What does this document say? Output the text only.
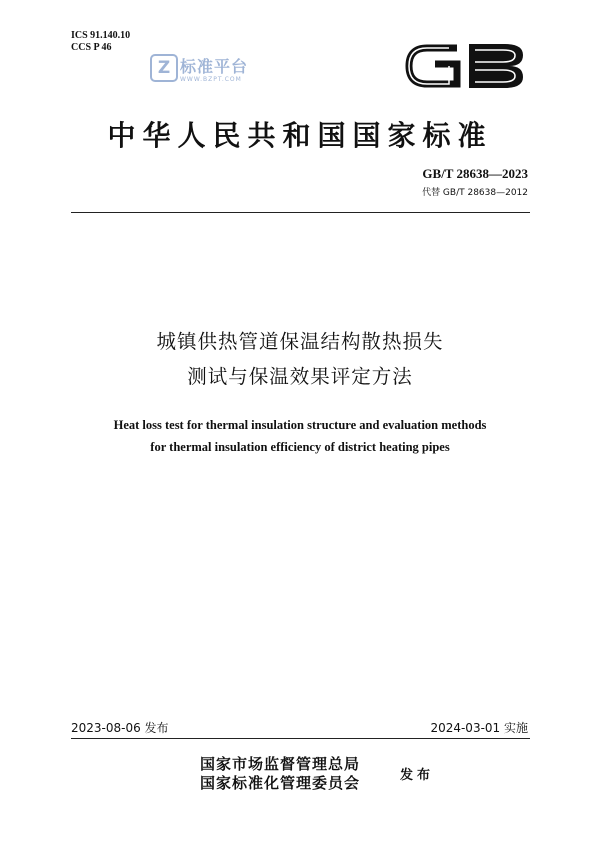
ICS 91.140.10
CCS P 46
Z 标准平台
WWW.BZPT.COM
中华人民共和国国家标准
GB/T 28638—2023
代替 GB/T 28638—2012
城镇供热管道保温结构散热损失
测试与保温效果评定方法
Heat loss test for thermal insulation structure and evaluation methods
for thermal insulation efficiency of district heating pipes
2023-08-06 发布	2024-03-01 实施
国家市场监督管理总局
国家标准化管理委员会	发布
